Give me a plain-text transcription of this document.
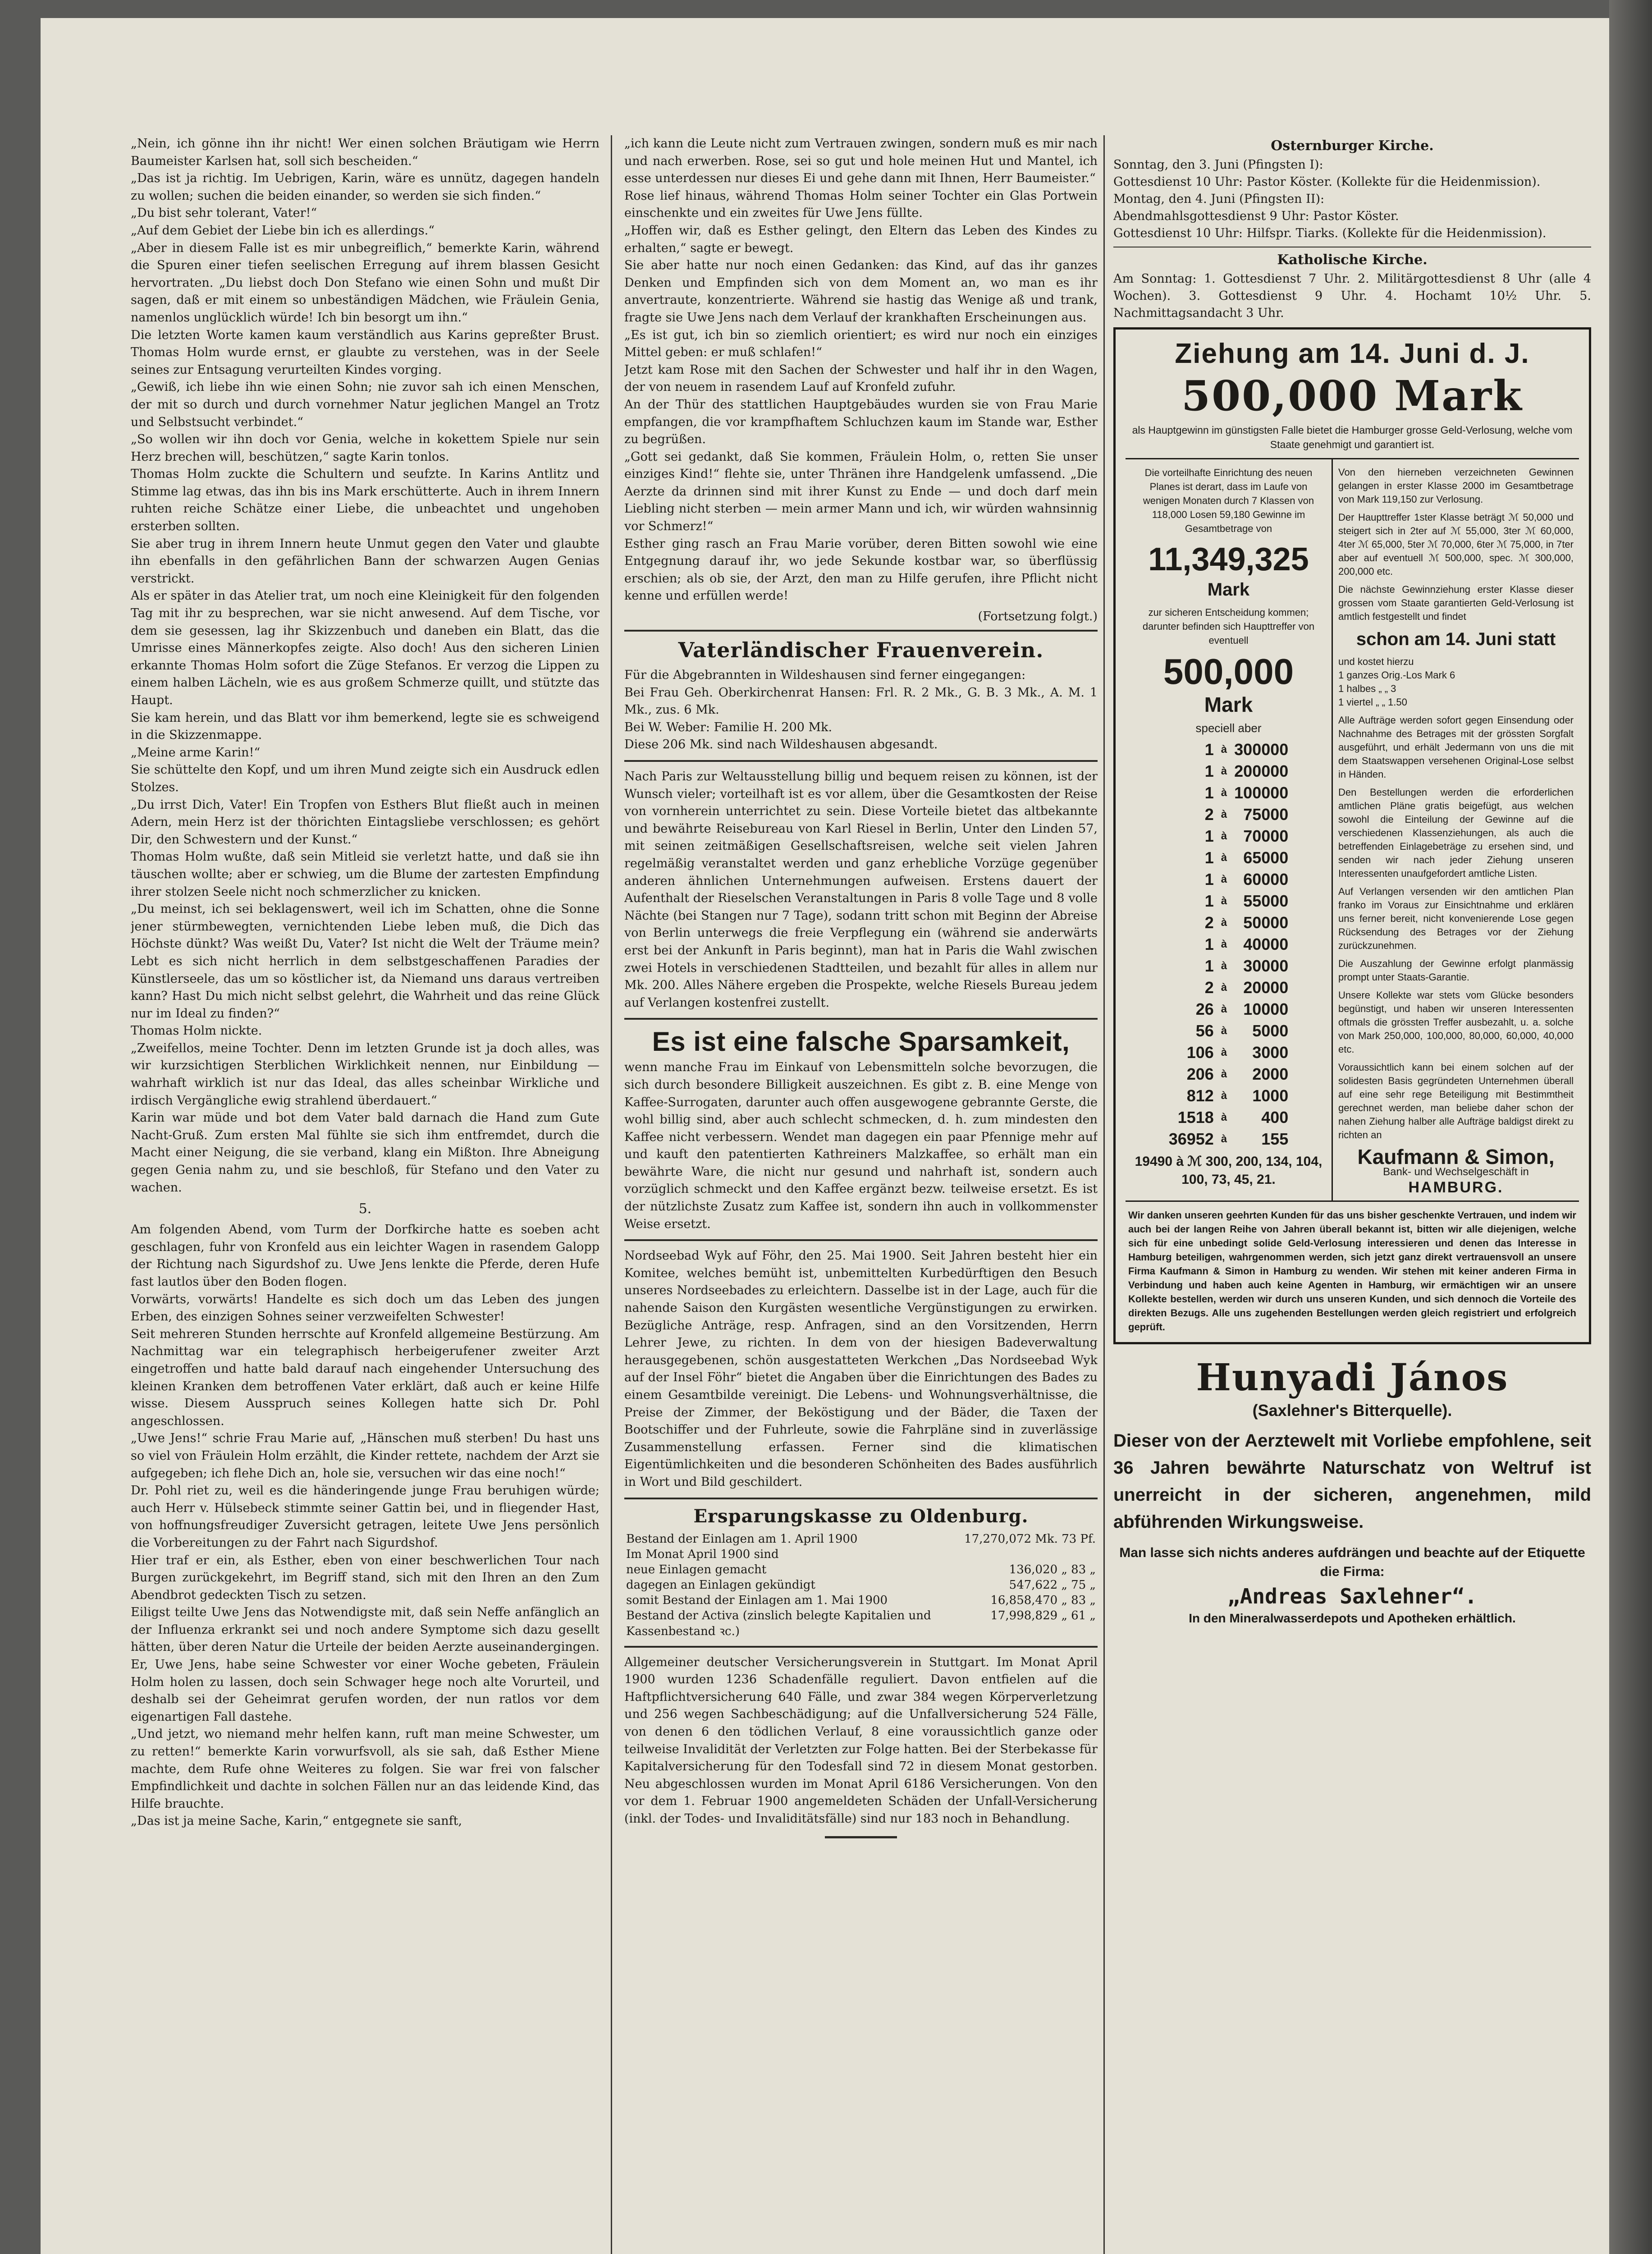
„Nein, ich gönne ihn ihr nicht! Wer einen solchen Bräutigam wie Herrn Baumeister Karlsen hat, soll sich bescheiden.“
„Das ist ja richtig. Im Uebrigen, Karin, wäre es unnütz, dagegen handeln zu wollen; suchen die beiden einander, so werden sie sich finden.“
„Du bist sehr tolerant, Vater!“
„Auf dem Gebiet der Liebe bin ich es allerdings.“
„Aber in diesem Falle ist es mir unbegreiflich,“ bemerkte Karin, während die Spuren einer tiefen seelischen Erregung auf ihrem blassen Gesicht hervortraten. „Du liebst doch Don Stefano wie einen Sohn und mußt Dir sagen, daß er mit einem so unbeständigen Mädchen, wie Fräulein Genia, namenlos unglücklich würde! Ich bin besorgt um ihn.“
Die letzten Worte kamen kaum verständlich aus Karins gepreßter Brust. Thomas Holm wurde ernst, er glaubte zu verstehen, was in der Seele seines zur Entsagung verurteilten Kindes vorging.
„Gewiß, ich liebe ihn wie einen Sohn; nie zuvor sah ich einen Menschen, der mit so durch und durch vornehmer Natur jeglichen Mangel an Trotz und Selbstsucht verbindet.“
„So wollen wir ihn doch vor Genia, welche in kokettem Spiele nur sein Herz brechen will, beschützen,“ sagte Karin tonlos.
Thomas Holm zuckte die Schultern und seufzte. In Karins Antlitz und Stimme lag etwas, das ihn bis ins Mark erschütterte. Auch in ihrem Innern ruhten reiche Schätze einer Liebe, die unbeachtet und ungehoben ersterben sollten.
Sie aber trug in ihrem Innern heute Unmut gegen den Vater und glaubte ihn ebenfalls in den gefährlichen Bann der schwarzen Augen Genias verstrickt.
Als er später in das Atelier trat, um noch eine Kleinigkeit für den folgenden Tag mit ihr zu besprechen, war sie nicht anwesend. Auf dem Tische, vor dem sie gesessen, lag ihr Skizzenbuch und daneben ein Blatt, das die Umrisse eines Männerkopfes zeigte. Also doch! Aus den sicheren Linien erkannte Thomas Holm sofort die Züge Stefanos. Er verzog die Lippen zu einem halben Lächeln, wie es aus großem Schmerze quillt, und stützte das Haupt.
Sie kam herein, und das Blatt vor ihm bemerkend, legte sie es schweigend in die Skizzenmappe.
„Meine arme Karin!“
Sie schüttelte den Kopf, und um ihren Mund zeigte sich ein Ausdruck edlen Stolzes.
„Du irrst Dich, Vater! Ein Tropfen von Esthers Blut fließt auch in meinen Adern, mein Herz ist der thörichten Eintagsliebe verschlossen; es gehört Dir, den Schwestern und der Kunst.“
Thomas Holm wußte, daß sein Mitleid sie verletzt hatte, und daß sie ihn täuschen wollte; aber er schwieg, um die Blume der zartesten Empfindung ihrer stolzen Seele nicht noch schmerzlicher zu knicken.
„Du meinst, ich sei beklagenswert, weil ich im Schatten, ohne die Sonne jener stürmbewegten, vernichtenden Liebe leben muß, die Dich das Höchste dünkt? Was weißt Du, Vater? Ist nicht die Welt der Träume mein? Lebt es sich nicht herrlich in dem selbstgeschaffenen Paradies der Künstlerseele, das um so köstlicher ist, da Niemand uns daraus vertreiben kann? Hast Du mich nicht selbst gelehrt, die Wahrheit und das reine Glück nur im Ideal zu finden?“
Thomas Holm nickte.
„Zweifellos, meine Tochter. Denn im letzten Grunde ist ja doch alles, was wir kurzsichtigen Sterblichen Wirklichkeit nennen, nur Einbildung — wahrhaft wirklich ist nur das Ideal, das alles scheinbar Wirkliche und irdisch Vergängliche ewig strahlend überdauert.“
Karin war müde und bot dem Vater bald darnach die Hand zum Gute Nacht-Gruß. Zum ersten Mal fühlte sie sich ihm entfremdet, durch die Macht einer Neigung, die sie verband, klang ein Mißton. Ihre Abneigung gegen Genia nahm zu, und sie beschloß, für Stefano und den Vater zu wachen.

5.

Am folgenden Abend, vom Turm der Dorfkirche hatte es soeben acht geschlagen, fuhr von Kronfeld aus ein leichter Wagen in rasendem Galopp der Richtung nach Sigurdshof zu. Uwe Jens lenkte die Pferde, deren Hufe fast lautlos über den Boden flogen.
Vorwärts, vorwärts! Handelte es sich doch um das Leben des jungen Erben, des einzigen Sohnes seiner verzweifelten Schwester!
Seit mehreren Stunden herrschte auf Kronfeld allgemeine Bestürzung. Am Nachmittag war ein telegraphisch herbeigerufener zweiter Arzt eingetroffen und hatte bald darauf nach eingehender Untersuchung des kleinen Kranken dem betroffenen Vater erklärt, daß auch er keine Hilfe wisse. Diesem Ausspruch seines Kollegen hatte sich Dr. Pohl angeschlossen.
„Uwe Jens!“ schrie Frau Marie auf, „Hänschen muß sterben! Du hast uns so viel von Fräulein Holm erzählt, die Kinder rettete, nachdem der Arzt sie aufgegeben; ich flehe Dich an, hole sie, versuchen wir das eine noch!“
Dr. Pohl riet zu, weil es die händeringende junge Frau beruhigen würde; auch Herr v. Hülsebeck stimmte seiner Gattin bei, und in fliegender Hast, von hoffnungsfreudiger Zuversicht getragen, leitete Uwe Jens persönlich die Vorbereitungen zu der Fahrt nach Sigurdshof.
Hier traf er ein, als Esther, eben von einer beschwerlichen Tour nach Burgen zurückgekehrt, im Begriff stand, sich mit den Ihren an den Zum Abendbrot gedeckten Tisch zu setzen.
Eiligst teilte Uwe Jens das Notwendigste mit, daß sein Neffe anfänglich an der Influenza erkrankt sei und noch andere Symptome sich dazu gesellt hätten, über deren Natur die Urteile der beiden Aerzte auseinandergingen. Er, Uwe Jens, habe seine Schwester vor einer Woche gebeten, Fräulein Holm holen zu lassen, doch sein Schwager hege noch alte Vorurteil, und deshalb sei der Geheimrat gerufen worden, der nun ratlos vor dem eigenartigen Fall dastehe.
„Und jetzt, wo niemand mehr helfen kann, ruft man meine Schwester, um zu retten!“ bemerkte Karin vorwurfsvoll, als sie sah, daß Esther Miene machte, dem Rufe ohne Weiteres zu folgen. Sie war frei von falscher Empfindlichkeit und dachte in solchen Fällen nur an das leidende Kind, das Hilfe brauchte.
„Das ist ja meine Sache, Karin,“ entgegnete sie sanft,

„ich kann die Leute nicht zum Vertrauen zwingen, sondern muß es mir nach und nach erwerben. Rose, sei so gut und hole meinen Hut und Mantel, ich esse unterdessen nur dieses Ei und gehe dann mit Ihnen, Herr Baumeister.“
Rose lief hinaus, während Thomas Holm seiner Tochter ein Glas Portwein einschenkte und ein zweites für Uwe Jens füllte.
„Hoffen wir, daß es Esther gelingt, den Eltern das Leben des Kindes zu erhalten,“ sagte er bewegt.
Sie aber hatte nur noch einen Gedanken: das Kind, auf das ihr ganzes Denken und Empfinden sich von dem Moment an, wo man es ihr anvertraute, konzentrierte. Während sie hastig das Wenige aß und trank, fragte sie Uwe Jens nach dem Verlauf der krankhaften Erscheinungen aus.
„Es ist gut, ich bin so ziemlich orientiert; es wird nur noch ein einziges Mittel geben: er muß schlafen!“
Jetzt kam Rose mit den Sachen der Schwester und half ihr in den Wagen, der von neuem in rasendem Lauf auf Kronfeld zufuhr.
An der Thür des stattlichen Hauptgebäudes wurden sie von Frau Marie empfangen, die vor krampfhaftem Schluchzen kaum im Stande war, Esther zu begrüßen.
„Gott sei gedankt, daß Sie kommen, Fräulein Holm, o, retten Sie unser einziges Kind!“ flehte sie, unter Thränen ihre Handgelenk umfassend. „Die Aerzte da drinnen sind mit ihrer Kunst zu Ende — und doch darf mein Liebling nicht sterben — mein armer Mann und ich, wir würden wahnsinnig vor Schmerz!“
Esther ging rasch an Frau Marie vorüber, deren Bitten sowohl wie eine Entgegnung darauf ihr, wo jede Sekunde kostbar war, so überflüssig erschien; als ob sie, der Arzt, den man zu Hilfe gerufen, ihre Pflicht nicht kenne und erfüllen werde!

(Fortsetzung folgt.)
Vaterländischer Frauenverein.

Für die Abgebrannten in Wildeshausen sind ferner eingegangen:
Bei Frau Geh. Oberkirchenrat Hansen: Frl. R. 2 Mk., G. B. 3 Mk., A. M. 1 Mk., zus. 6 Mk.
Bei W. Weber: Familie H. 200 Mk.
Diese 206 Mk. sind nach Wildeshausen abgesandt.

Nach Paris zur Weltausstellung billig und bequem reisen zu können, ist der Wunsch vieler; vorteilhaft ist es vor allem, über die Gesamtkosten der Reise von vornherein unterrichtet zu sein. Diese Vorteile bietet das altbekannte und bewährte Reisebureau von Karl Riesel in Berlin, Unter den Linden 57, mit seinen zeitmäßigen Gesellschaftsreisen, welche seit vielen Jahren regelmäßig veranstaltet werden und ganz erhebliche Vorzüge gegenüber anderen ähnlichen Unternehmungen aufweisen. Erstens dauert der Aufenthalt der Rieselschen Veranstaltungen in Paris 8 volle Tage und 8 volle Nächte (bei Stangen nur 7 Tage), sodann tritt schon mit Beginn der Abreise von Berlin unterwegs die freie Verpflegung ein (während sie anderwärts erst bei der Ankunft in Paris beginnt), man hat in Paris die Wahl zwischen zwei Hotels in verschiedenen Stadtteilen, und bezahlt für alles in allem nur Mk. 200. Alles Nähere ergeben die Prospekte, welche Riesels Bureau jedem auf Verlangen kostenfrei zustellt.

Es ist eine falsche Sparsamkeit,

wenn manche Frau im Einkauf von Lebensmitteln solche bevorzugen, die sich durch besondere Billigkeit auszeichnen. Es gibt z. B. eine Menge von Kaffee-Surrogaten, darunter auch offen ausgewogene gebrannte Gerste, die wohl billig sind, aber auch schlecht schmecken, d. h. zum mindesten den Kaffee nicht verbessern. Wendet man dagegen ein paar Pfennige mehr auf und kauft den patentierten Kathreiners Malzkaffee, so erhält man ein bewährte Ware, die nicht nur gesund und nahrhaft ist, sondern auch vorzüglich schmeckt und den Kaffee ergänzt bezw. teilweise ersetzt. Es ist der nützlichste Zusatz zum Kaffee ist, sondern ihn auch in vollkommenster Weise ersetzt.

Nordseebad Wyk auf Föhr, den 25. Mai 1900. Seit Jahren besteht hier ein Komitee, welches bemüht ist, unbemittelten Kurbedürftigen den Besuch unseres Nordseebades zu erleichtern. Dasselbe ist in der Lage, auch für die nahende Saison den Kurgästen wesentliche Vergünstigungen zu erwirken. Bezügliche Anträge, resp. Anfragen, sind an den Vorsitzenden, Herrn Lehrer Jewe, zu richten. In dem von der hiesigen Badeverwaltung herausgegebenen, schön ausgestatteten Werkchen „Das Nordseebad Wyk auf der Insel Föhr“ bietet die Angaben über die Einrichtungen des Bades zu einem Gesamtbilde vereinigt. Die Lebens- und Wohnungsverhältnisse, die Preise der Zimmer, der Beköstigung und der Bäder, die Taxen der Bootschiffer und der Fuhrleute, sowie die Fahrpläne sind in zuverlässige Zusammenstellung erfassen. Ferner sind die klimatischen Eigentümlichkeiten und die besonderen Schönheiten des Bades ausführlich in Wort und Bild geschildert.

Ersparungskasse zu Oldenburg.
Bestand der Einlagen am 1. April 1900	17,270,072 Mk. 73 Pf.
Im Monat April 1900 sind	
neue Einlagen gemacht	136,020 „ 83 „
dagegen an Einlagen gekündigt	547,622 „ 75 „
somit Bestand der Einlagen am 1. Mai 1900	16,858,470 „ 83 „
Bestand der Activa (zinslich belegte Kapitalien und Kassenbestand ꝛc.)	17,998,829 „ 61 „

Allgemeiner deutscher Versicherungsverein in Stuttgart. Im Monat April 1900 wurden 1236 Schadenfälle reguliert. Davon entfielen auf die Haftpflichtversicherung 640 Fälle, und zwar 384 wegen Körperverletzung und 256 wegen Sachbeschädigung; auf die Unfallversicherung 524 Fälle, von denen 6 den tödlichen Verlauf, 8 eine voraussichtlich ganze oder teilweise Invalidität der Verletzten zur Folge hatten. Bei der Sterbekasse für Kapitalversicherung für den Todesfall sind 72 in diesem Monat gestorben. Neu abgeschlossen wurden im Monat April 6186 Versicherungen. Von den vor dem 1. Februar 1900 angemeldeten Schäden der Unfall-Versicherung (inkl. der Todes- und Invaliditätsfälle) sind nur 183 noch in Behandlung.

Osternburger Kirche.

Sonntag, den 3. Juni (Pfingsten I):
Gottesdienst 10 Uhr: Pastor Köster. (Kollekte für die Heidenmission).
Montag, den 4. Juni (Pfingsten II):
Abendmahlsgottesdienst 9 Uhr: Pastor Köster.
Gottesdienst 10 Uhr: Hilfspr. Tiarks. (Kollekte für die Heidenmission).

Katholische Kirche.

Am Sonntag: 1. Gottesdienst 7 Uhr. 2. Militärgottesdienst 8 Uhr (alle 4 Wochen). 3. Gottesdienst 9 Uhr. 4. Hochamt 10½ Uhr. 5. Nachmittagsandacht 3 Uhr.

Ziehung am 14. Juni d. J.
500,000 Mark
als Hauptgewinn im günstigsten Falle bietet die Hamburger grosse Geld-Verlosung, welche vom Staate genehmigt und garantiert ist.

Die vorteilhafte Einrichtung des neuen Planes ist derart, dass im Laufe von wenigen Monaten durch 7 Klassen von 118,000 Losen 59,180 Gewinne im Gesamtbetrage von

11,349,325
Mark

zur sicheren Entscheidung kommen; darunter befinden sich Haupttreffer von eventuell

500,000
Mark
speciell aber
1	à	300000
1	à	200000
1	à	100000
2	à	75000
1	à	70000
1	à	65000
1	à	60000
1	à	55000
2	à	50000
1	à	40000
1	à	30000
2	à	20000
26	à	10000
56	à	5000
106	à	3000
206	à	2000
812	à	1000
1518	à	400
36952	à	155

19490 à ℳ 300, 200, 134, 104, 100, 73, 45, 21.

Von den hierneben verzeichneten Gewinnen gelangen in erster Klasse 2000 im Gesamtbetrage von Mark 119,150 zur Verlosung.

Der Haupttreffer 1ster Klasse beträgt ℳ 50,000 und steigert sich in 2ter auf ℳ 55,000, 3ter ℳ 60,000, 4ter ℳ 65,000, 5ter ℳ 70,000, 6ter ℳ 75,000, in 7ter aber auf eventuell ℳ 500,000, spec. ℳ 300,000, 200,000 etc.

Die nächste Gewinnziehung erster Klasse dieser grossen vom Staate garantierten Geld-Verlosung ist amtlich festgestellt und findet

schon am 14. Juni statt

und kostet hierzu
1 ganzes Orig.-Los Mark 6
1 halbes „ „ 3
1 viertel „ „ 1.50

Alle Aufträge werden sofort gegen Einsendung oder Nachnahme des Betrages mit der grössten Sorgfalt ausgeführt, und erhält Jedermann von uns die mit dem Staatswappen versehenen Original-Lose selbst in Händen.

Den Bestellungen werden die erforderlichen amtlichen Pläne gratis beigefügt, aus welchen sowohl die Einteilung der Gewinne auf die verschiedenen Klassenziehungen, als auch die betreffenden Einlagebeträge zu ersehen sind, und senden wir nach jeder Ziehung unseren Interessenten unaufgefordert amtliche Listen.

Auf Verlangen versenden wir den amtlichen Plan franko im Voraus zur Einsichtnahme und erklären uns ferner bereit, nicht konvenierende Lose gegen Rücksendung des Betrages vor der Ziehung zurückzunehmen.

Die Auszahlung der Gewinne erfolgt planmässig prompt unter Staats-Garantie.

Unsere Kollekte war stets vom Glücke besonders begünstigt, und haben wir unseren Interessenten oftmals die grössten Treffer ausbezahlt, u. a. solche von Mark 250,000, 100,000, 80,000, 60,000, 40,000 etc.

Voraussichtlich kann bei einem solchen auf der solidesten Basis gegründeten Unternehmen überall auf eine sehr rege Beteiligung mit Bestimmtheit gerechnet werden, man beliebe daher schon der nahen Ziehung halber alle Aufträge baldigst direkt zu richten an

Kaufmann & Simon,
Bank- und Wechselgeschäft in
HAMBURG.
Wir danken unseren geehrten Kunden für das uns bisher geschenkte Vertrauen, und indem wir auch bei der langen Reihe von Jahren überall bekannt ist, bitten wir alle diejenigen, welche sich für eine unbedingt solide Geld-Verlosung interessieren und denen das Interesse in Hamburg beteiligen, wahrgenommen werden, sich jetzt ganz direkt vertrauensvoll an unsere Firma Kaufmann & Simon in Hamburg zu wenden. Wir stehen mit keiner anderen Firma in Verbindung und haben auch keine Agenten in Hamburg, wir ermächtigen wir an unsere Kollekte bestellen, werden wir durch uns unseren Kunden, und sich dennoch die Vorteile des direkten Bezugs. Alle uns zugehenden Bestellungen werden gleich registriert und erfolgreich geprüft.
Hunyadi János
(Saxlehner's Bitterquelle).
Dieser von der Aerztewelt mit Vorliebe empfohlene, seit 36 Jahren bewährte Naturschatz von Weltruf ist unerreicht in der sicheren, angenehmen, mild abführenden Wirkungsweise.
Man lasse sich nichts anderes aufdrängen und beachte auf der Etiquette die Firma:
„Andreas Saxlehner“.
In den Mineralwasserdepots und Apotheken erhältlich.
